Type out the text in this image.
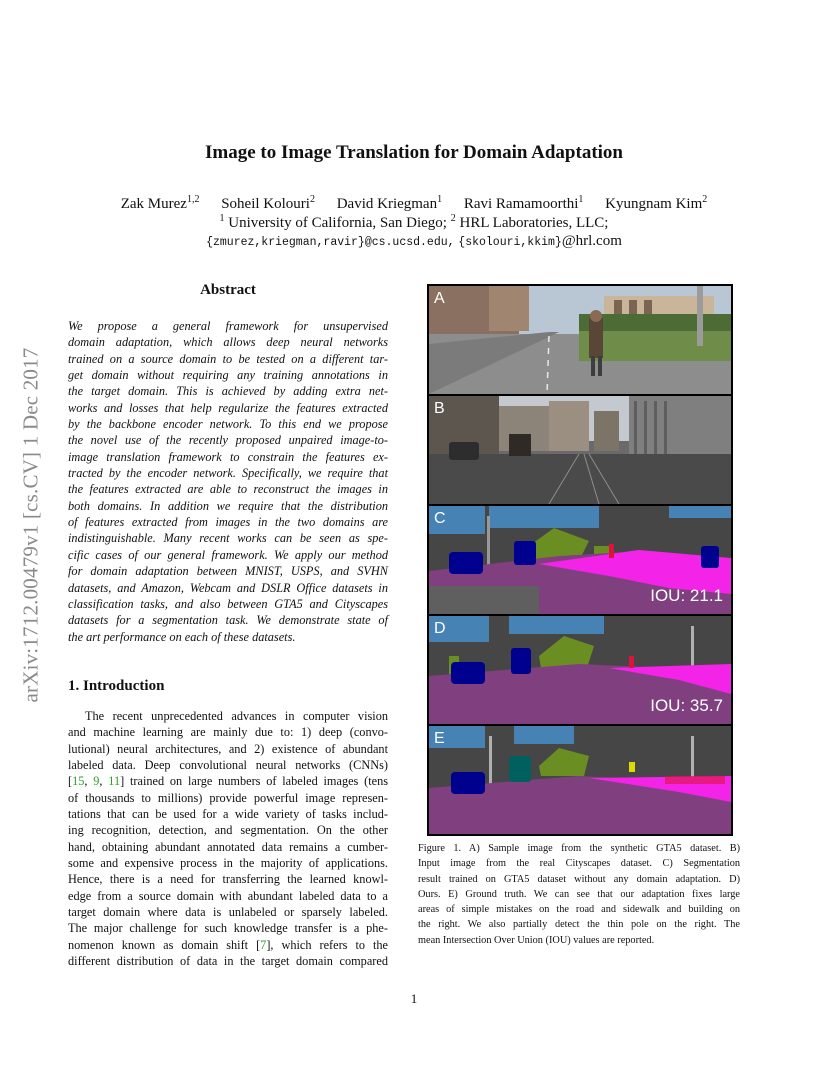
arXiv:1712.00479v1 [cs.CV] 1 Dec 2017
Image to Image Translation for Domain Adaptation
Zak Murez$^{1,2}$ Soheil Kolouri$^2$ David Kriegman$^1$ Ravi Ramamoorthi$^1$ Kyungnam Kim$^2$
$^1$ University of California, San Diego; $^2$ HRL Laboratories, LLC;
{zmurez,kriegman,ravir}@cs.ucsd.edu, {skolouri,kkim}@hrl.com
Abstract
We propose a general framework for unsupervised
domain adaptation, which allows deep neural networks
trained on a source domain to be tested on a different tar-
get domain without requiring any training annotations in
the target domain. This is achieved by adding extra net-
works and losses that help regularize the features extracted
by the backbone encoder network. To this end we propose
the novel use of the recently proposed unpaired image-to-
image translation framework to constrain the features ex-
tracted by the encoder network. Specifically, we require that
the features extracted are able to reconstruct the images in
both domains. In addition we require that the distribution
of features extracted from images in the two domains are
indistinguishable. Many recent works can be seen as spe-
cific cases of our general framework. We apply our method
for domain adaptation between MNIST, USPS, and SVHN
datasets, and Amazon, Webcam and DSLR Office datasets in
classification tasks, and also between GTA5 and Cityscapes
datasets for a segmentation task. We demonstrate state of
the art performance on each of these datasets.
1. Introduction
The recent unprecedented advances in computer vision
and machine learning are mainly due to: 1) deep (convo-
lutional) neural architectures, and 2) existence of abundant
labeled data. Deep convolutional neural networks (CNNs)
[15, 9, 11] trained on large numbers of labeled images (tens
of thousands to millions) provide powerful image represen-
tations that can be used for a wide variety of tasks includ-
ing recognition, detection, and segmentation. On the other
hand, obtaining abundant annotated data remains a cumber-
some and expensive process in the majority of applications.
Hence, there is a need for transferring the learned knowl-
edge from a source domain with abundant labeled data to a
target domain where data is unlabeled or sparsely labeled.
The major challenge for such knowledge transfer is a phe-
nomenon known as domain shift [7], which refers to the
different distribution of data in the target domain compared
A
B
C
IOU: 21.1
D
IOU: 35.7
E
Figure 1. A) Sample image from the synthetic GTA5 dataset. B)
Input image from the real Cityscapes dataset. C) Segmentation
result trained on GTA5 dataset without any domain adaptation. D)
Ours. E) Ground truth. We can see that our adaptation fixes large
areas of simple mistakes on the road and sidewalk and building on
the right. We also partially detect the thin pole on the right. The
mean Intersection Over Union (IOU) values are reported.
1
